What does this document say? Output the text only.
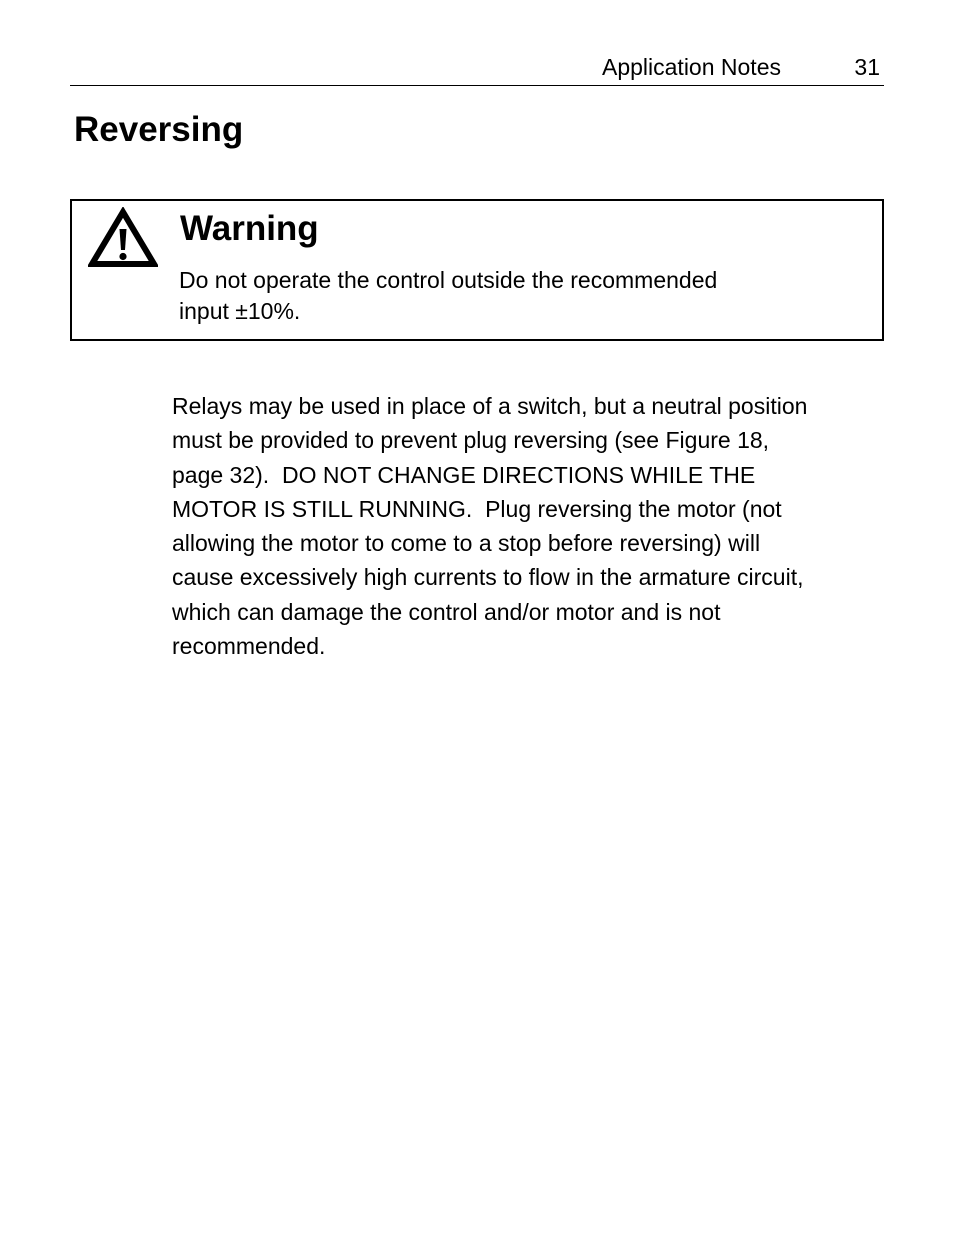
Application Notes	31
Reversing
Warning
Do not operate the control outside the recommended
input ±10%.
Relays may be used in place of a switch, but a neutral position
must be provided to prevent plug reversing (see Figure 18,
page 32).  DO NOT CHANGE DIRECTIONS WHILE THE
MOTOR IS STILL RUNNING.  Plug reversing the motor (not
allowing the motor to come to a stop before reversing) will
cause excessively high currents to flow in the armature circuit,
which can damage the control and/or motor and is not
recommended.
